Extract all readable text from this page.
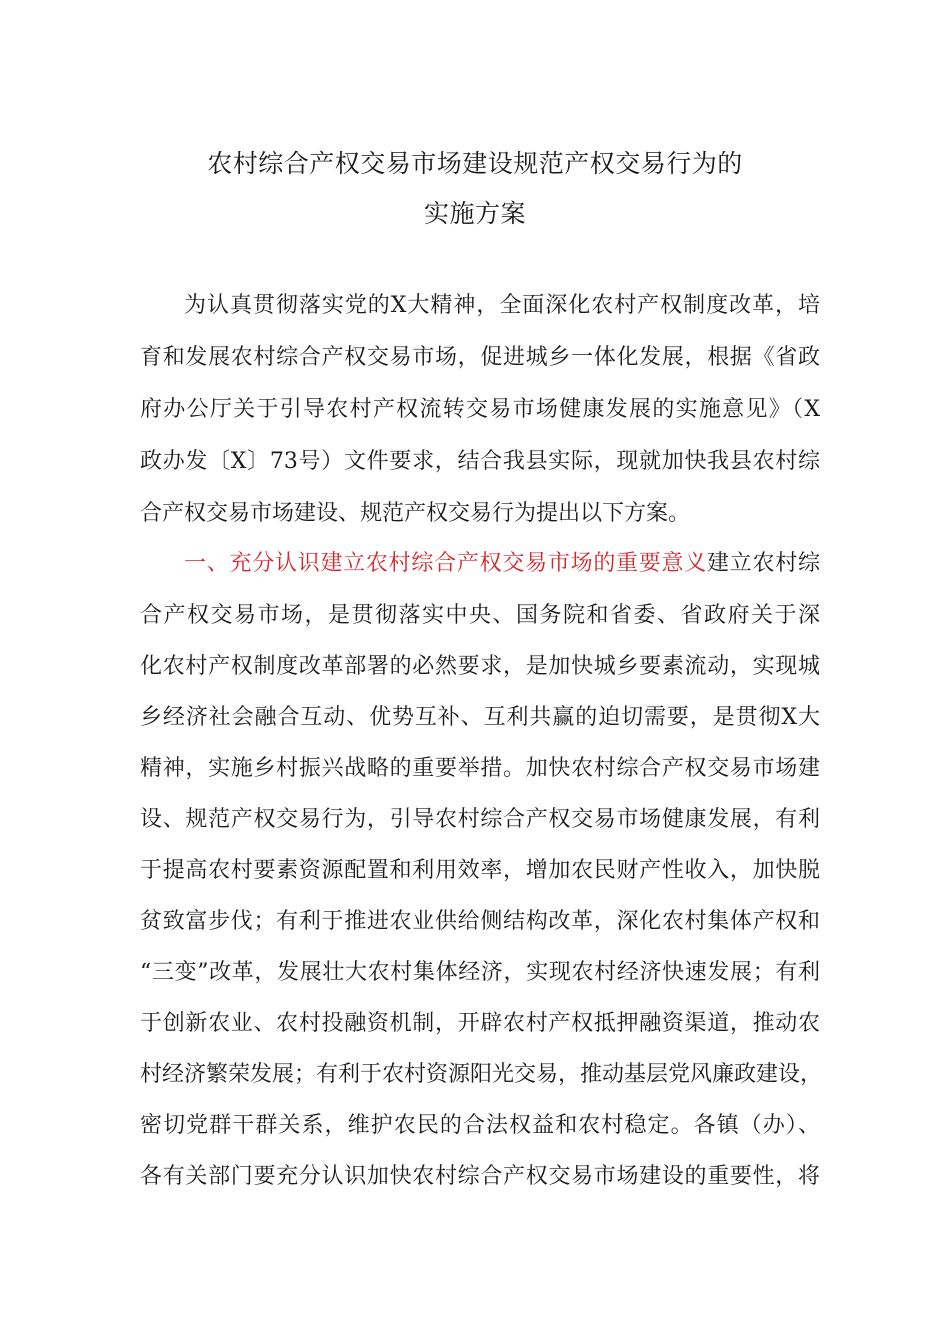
农村综合产权交易市场建设规范产权交易行为的
实施方案
为认真贯彻落实党的X大精神，全面深化农村产权制度改革，培
育和发展农村综合产权交易市场，促进城乡一体化发展，根据《省政
府办公厅关于引导农村产权流转交易市场健康发展的实施意见》（X
政办发〔X〕73号）文件要求，结合我县实际，现就加快我县农村综
合产权交易市场建设、规范产权交易行为提出以下方案。
一、充分认识建立农村综合产权交易市场的重要意义建立农村综
合产权交易市场，是贯彻落实中央、国务院和省委、省政府关于深
化农村产权制度改革部署的必然要求，是加快城乡要素流动，实现城
乡经济社会融合互动、优势互补、互利共赢的迫切需要，是贯彻X大
精神，实施乡村振兴战略的重要举措。加快农村综合产权交易市场建
设、规范产权交易行为，引导农村综合产权交易市场健康发展，有利
于提高农村要素资源配置和利用效率，增加农民财产性收入，加快脱
贫致富步伐；有利于推进农业供给侧结构改革，深化农村集体产权和
“三变”改革，发展壮大农村集体经济，实现农村经济快速发展；有利
于创新农业、农村投融资机制，开辟农村产权抵押融资渠道，推动农
村经济繁荣发展；有利于农村资源阳光交易，推动基层党风廉政建设，
密切党群干群关系，维护农民的合法权益和农村稳定。各镇（办）、
各有关部门要充分认识加快农村综合产权交易市场建设的重要性，将
